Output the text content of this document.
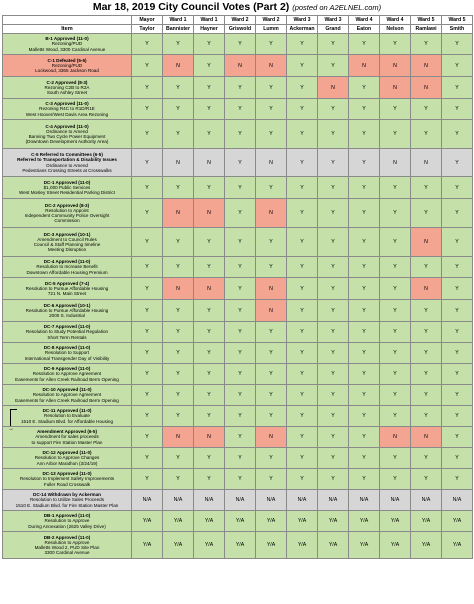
Mar 18, 2019 City Council Votes (Part 2) (posted on A2ELNEL.com)
	Mayor	Ward 1	Ward 1	Ward 2	Ward 2	Ward 3	Ward 3	Ward 4	Ward 4	Ward 5	Ward 5
Item	Taylor	Bannister	Hayner	Griswold	Lumm	Ackerman	Grand	Eaton	Nelson	Ramlawi	Smith

B-1 Approved (11-0)
Rezoning/PUD
Malletts Wood, 3300 Cardinal Avenue	Y	Y	Y	Y	Y	Y	Y	Y	Y	Y	Y

C-1 Defeated (5-6)
Rezoning/PUD
Lockwood, 3365 Jackson Road	Y	N	Y	N	N	Y	Y	N	N	N	Y

C-2 Approved (8-3)
Rezoning C2B to R2A
South Ashley Street	Y	Y	Y	Y	Y	Y	N	Y	N	N	Y

C-3 Approved (11-0)
Rezoning R4C to R1D/R1E
West Hoover/West Davis Area Rezoning	Y	Y	Y	Y	Y	Y	Y	Y	Y	Y	Y

C-4 Approved (11-0)
Ordinance to Amend
Banning Two Cycle Power Equipment
(Downtown Development Authority Area)	Y	Y	Y	Y	Y	Y	Y	Y	Y	Y	Y

C-5 Referred to Committees (6-5)
Referred to Transportation & Disability Issues
Ordinance to Amend
Pedestrians Crossing Streets at Crosswalks	Y	N	N	Y	N	Y	Y	Y	N	N	Y

DC-1 Approved (11-0)
$1,000 Public Services
West Mosley Street Residential Parking District	Y	Y	Y	Y	Y	Y	Y	Y	Y	Y	Y

DC-2 Approved (8-3)
Resolution to Appoint
Independent Community Police Oversight
Commission	Y	N	N	Y	N	Y	Y	Y	Y	Y	Y

DC-3 Approved (10-1)
Amendment to Council Rules
Council & Staff Planning timeline
Meeting Disruption	Y	Y	Y	Y	Y	Y	Y	Y	Y	N	Y

DC-4 Approved (11-0)
Resolution to Increase Benefit
Downtown Affordable Housing Premium	Y	Y	Y	Y	Y	Y	Y	Y	Y	Y	Y

DC-5 Approved (7-4)
Resolution to Pursue Affordable Housing
721 N. Main Street	Y	N	N	Y	N	Y	Y	Y	Y	N	Y

DC-6 Approved (10-1)
Resolution to Pursue Affordable Housing
2000 S. Industrial	Y	Y	Y	Y	N	Y	Y	Y	Y	Y	Y

DC-7 Approved (11-0)
Resolution to Study Potential Regulation
Short Term Rentals	Y	Y	Y	Y	Y	Y	Y	Y	Y	Y	Y

DC-8 Approved (11-0)
Resolution to Support
International Transgender Day of Visibility	Y	Y	Y	Y	Y	Y	Y	Y	Y	Y	Y

DC-9 Approved (11-0)
Resolution to Approve Agreement
Easements for Allen Creek Railroad Berm Opening	Y	Y	Y	Y	Y	Y	Y	Y	Y	Y	Y

DC-10 Approved (11-0)
Resolution to Approve Agreement
Easements for Allen Creek Railroad Berm Opening	Y	Y	Y	Y	Y	Y	Y	Y	Y	Y	Y

DC-11 Approved (11-0)
Resolution to Evaluate
1510 E. Stadium Blvd. for Affordable Housing	Y	Y	Y	Y	Y	Y	Y	Y	Y	Y	Y

→ Amendment Approved (6-5)
Amendment for sales proceeds
to support Fire Station Master Plan	Y	N	N	Y	N	Y	Y	Y	N	N	Y

DC-12 Approved (11-0)
Resolution to Approve Changes
Ann Arbor Marathon (3/24/19)	Y	Y	Y	Y	Y	Y	Y	Y	Y	Y	Y

DC-13 Approved (11-0)
Resolution to Implement Safety Improvements
Fuller Road Crosswalk	Y	Y	Y	Y	Y	Y	Y	Y	Y	Y	Y

DC-14 Withdrawn by Ackerman
Resolution to Utilize Sales Proceeds
1510 E. Stadium Blvd. for Fire Station Master Plan	N/A	N/A	N/A	N/A	N/A	N/A	N/A	N/A	N/A	N/A	N/A

DB-1 Approved (11-0)
Resolution to Approve
During Annexation (2625 Valley Drive)	Y/A	Y/A	Y/A	Y/A	Y/A	Y/A	Y/A	Y/A	Y/A	Y/A	Y/A

DB-2 Approved (11-0)
Resolution to Approve
Malletts Wood 2, PUD Site Plan
3300 Cardinal Avenue	Y/A	Y/A	Y/A	Y/A	Y/A	Y/A	Y/A	Y/A	Y/A	Y/A	Y/A
